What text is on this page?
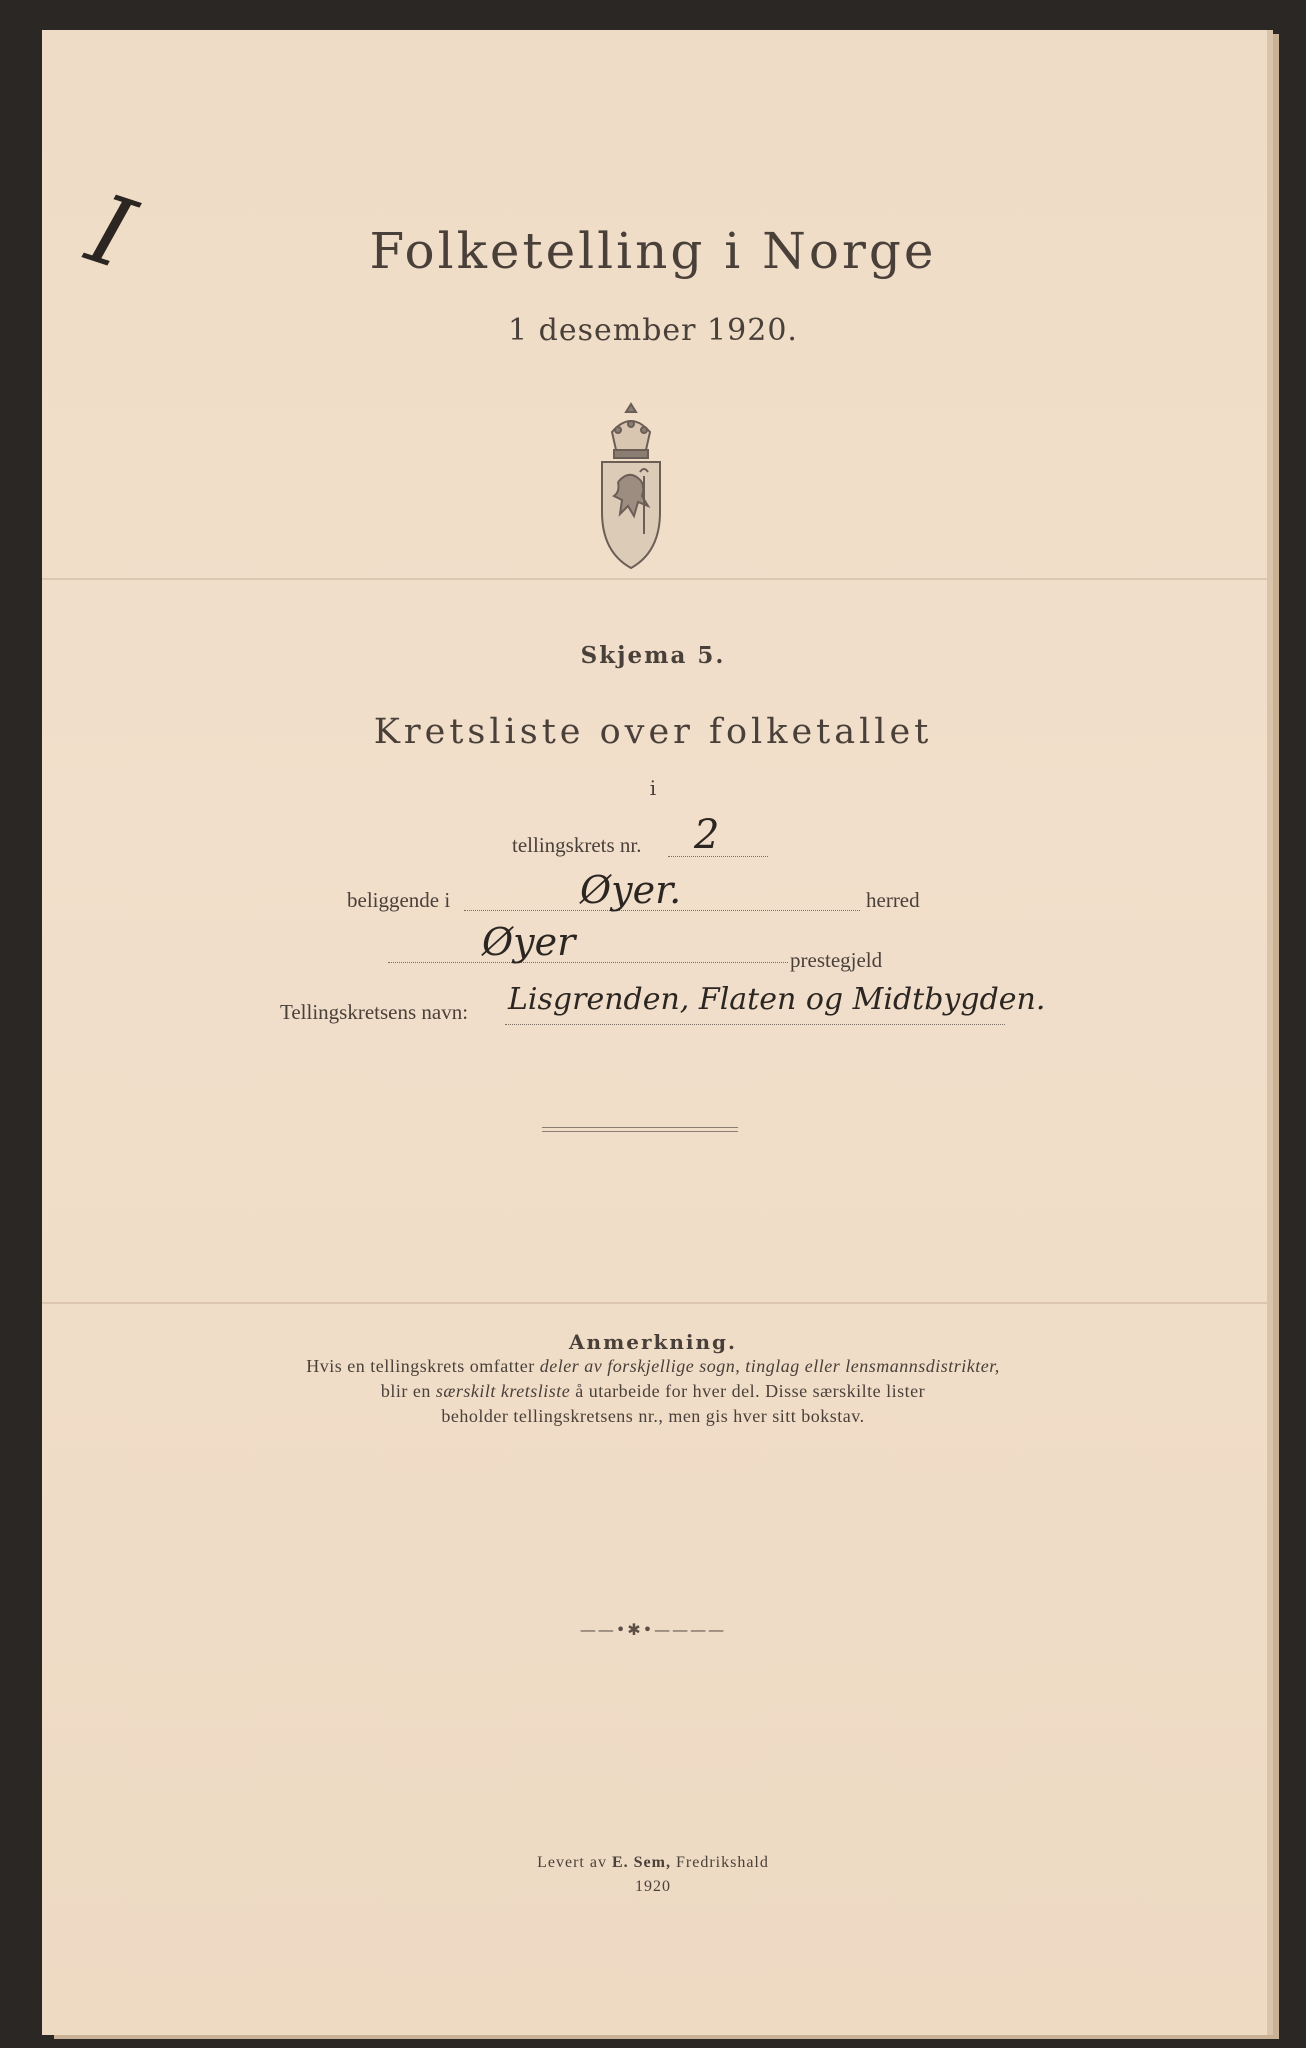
I	Folketelling i Norge
1 desember 1920.
Skjema 5.
Kretsliste over folketallet
i
tellingskrets nr. 2
beliggende i	Øyer.	herred
Øyer	prestegjeld
Tellingskretsens navn: Lisgrenden, Flaten og Midtbygden.
Anmerkning.
Hvis en tellingskrets omfatter deler av forskjellige sogn, tinglag eller lensmannsdistrikter,
blir en særskilt kretsliste å utarbeide for hver del. Disse særskilte lister
beholder tellingskretsens nr., men gis hver sitt bokstav.
——•✱•————
Levert av E. Sem, Fredrikshald
1920
